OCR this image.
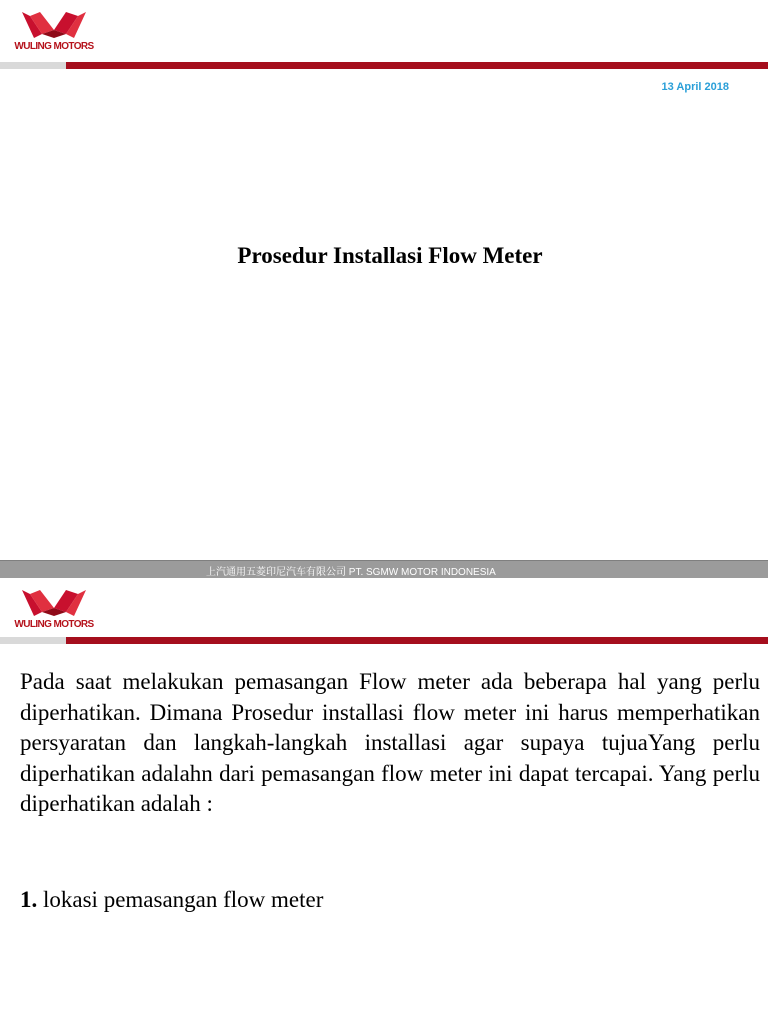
WULING MOTORS
13 April 2018
Prosedur Installasi Flow Meter
上汽通用五菱印尼汽车有限公司 PT. SGMW MOTOR INDONESIA
WULING MOTORS

Pada saat melakukan pemasangan Flow meter ada beberapa hal yang perlu diperhatikan. Dimana Prosedur installasi flow meter ini harus memperhatikan persyaratan dan langkah-langkah installasi agar supaya tujuaYang perlu diperhatikan adalahn dari pemasangan flow meter ini dapat tercapai. Yang perlu diperhatikan adalah :

1. lokasi pemasangan flow meter
